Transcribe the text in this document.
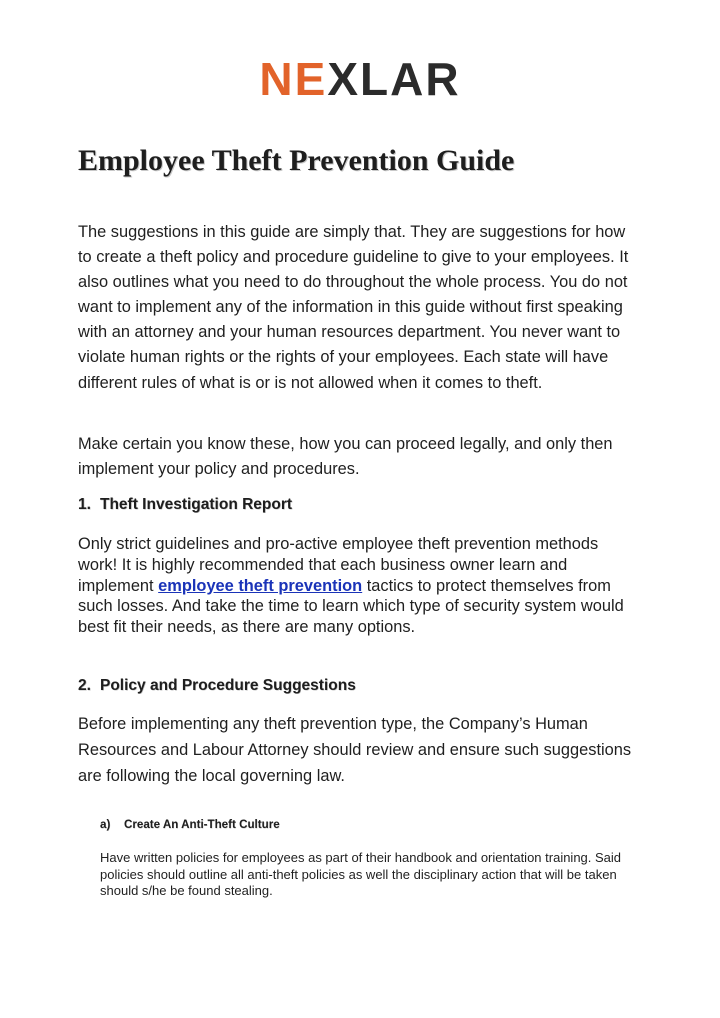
NEXLAR
Employee Theft Prevention Guide

The suggestions in this guide are simply that. They are suggestions for how to create a theft policy and procedure guideline to give to your employees. It also outlines what you need to do throughout the whole process. You do not want to implement any of the information in this guide without first speaking with an attorney and your human resources department. You never want to violate human rights or the rights of your employees. Each state will have different rules of what is or is not allowed when it comes to theft.

Make certain you know these, how you can proceed legally, and only then implement your policy and procedures.

1. Theft Investigation Report

Only strict guidelines and pro-active employee theft prevention methods work! It is highly recommended that each business owner learn and implement employee theft prevention tactics to protect themselves from such losses. And take the time to learn which type of security system would best fit their needs, as there are many options.

2. Policy and Procedure Suggestions

Before implementing any theft prevention type, the Company’s Human Resources and Labour Attorney should review and ensure such suggestions are following the local governing law.

a) Create An Anti-Theft Culture

Have written policies for employees as part of their handbook and orientation training. Said policies should outline all anti-theft policies as well the disciplinary action that will be taken should s/he be found stealing.
